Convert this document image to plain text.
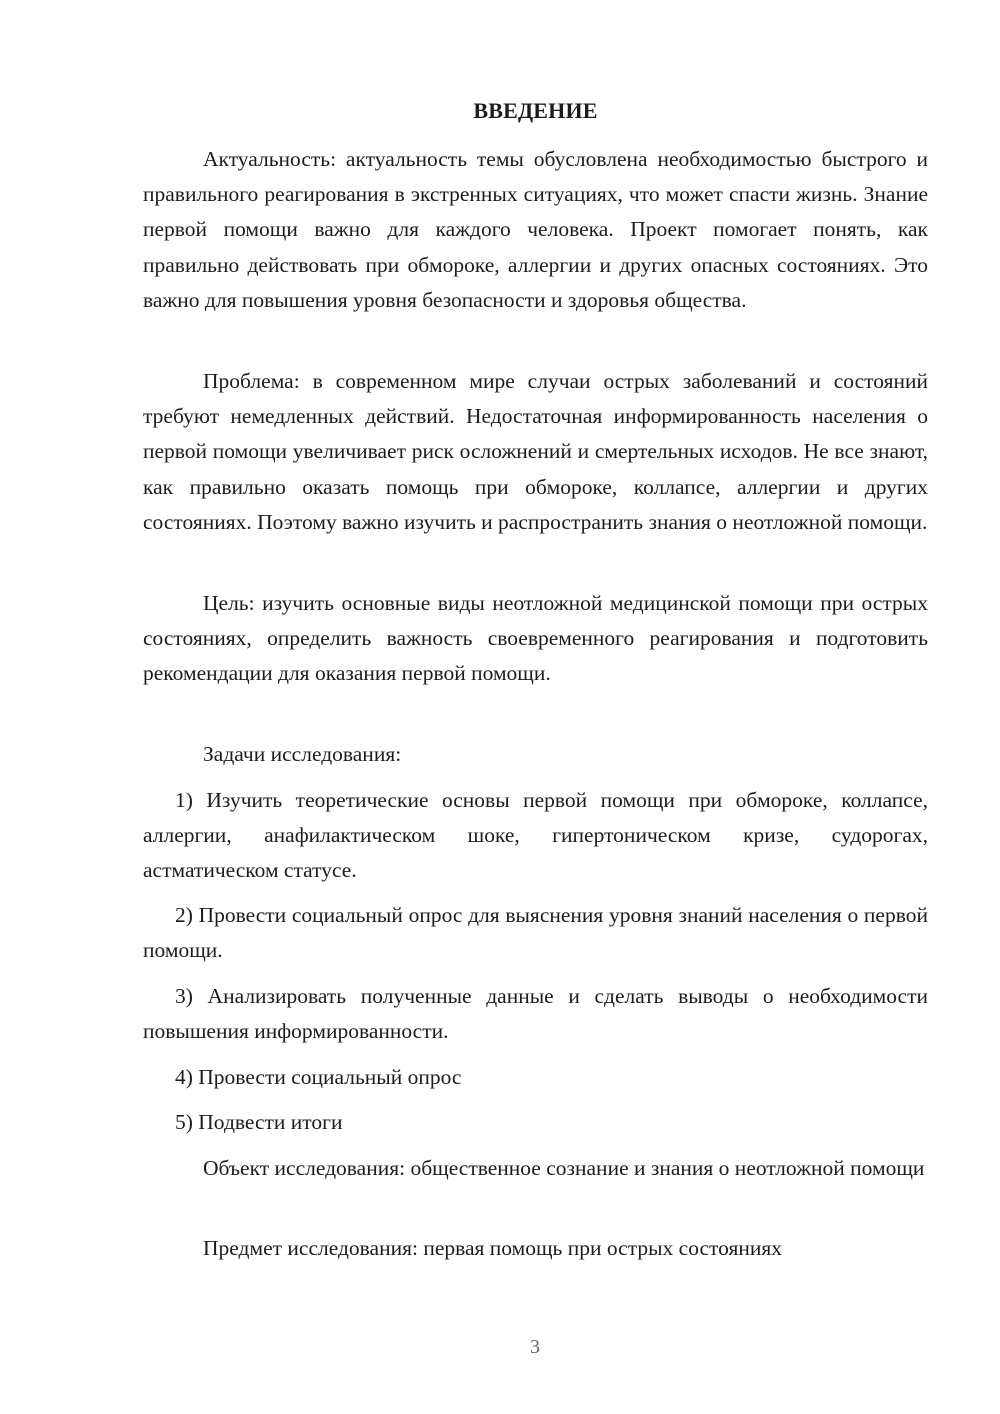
ВВЕДЕНИЕ

Актуальность: актуальность темы обусловлена необходимостью быстрого и правильного реагирования в экстренных ситуациях, что может спасти жизнь. Знание первой помощи важно для каждого человека. Проект помогает понять, как правильно действовать при обмороке, аллергии и других опасных состояниях. Это важно для повышения уровня безопасности и здоровья общества.

Проблема: в современном мире случаи острых заболеваний и состояний требуют немедленных действий. Недостаточная информированность населения о первой помощи увеличивает риск осложнений и смертельных исходов. Не все знают, как правильно оказать помощь при обмороке, коллапсе, аллергии и других состояниях. Поэтому важно изучить и распространить знания о неотложной помощи.

Цель: изучить основные виды неотложной медицинской помощи при острых состояниях, определить важность своевременного реагирования и подготовить рекомендации для оказания первой помощи.

Задачи исследования:

1) Изучить теоретические основы первой помощи при обмороке, коллапсе, аллергии, анафилактическом шоке, гипертоническом кризе, судорогах, астматическом статусе.

2) Провести социальный опрос для выяснения уровня знаний населения о первой помощи.

3) Анализировать полученные данные и сделать выводы о необходимости повышения информированности.

4) Провести социальный опрос

5) Подвести итоги

Объект исследования: общественное сознание и знания о неотложной помощи

Предмет исследования: первая помощь при острых состояниях

3
